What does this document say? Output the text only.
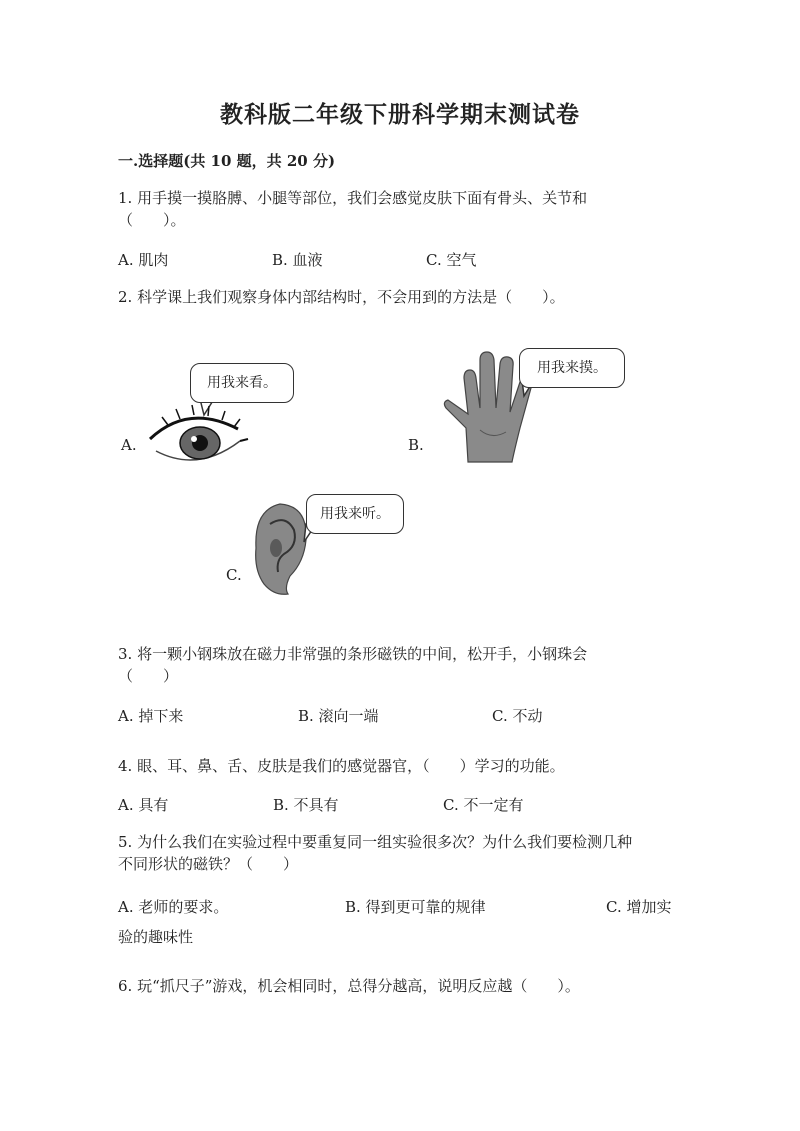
教科版二年级下册科学期末测试卷
一.选择题(共 10 题，共 20 分)
1. 用手摸一摸胳膊、小腿等部位，我们会感觉皮肤下面有骨头、关节和
（　　）。
A. 肌肉	B. 血液	C. 空气
2. 科学课上我们观察身体内部结构时，不会用到的方法是（　　）。
A.
用我来看。
B.
用我来摸。
C.
用我来听。
3. 将一颗小钢珠放在磁力非常强的条形磁铁的中间，松开手，小钢珠会
（　　）
A. 掉下来	B. 滚向一端	C. 不动
4. 眼、耳、鼻、舌、皮肤是我们的感觉器官，（　　）学习的功能。
A. 具有	B. 不具有	C. 不一定有
5. 为什么我们在实验过程中要重复同一组实验很多次？为什么我们要检测几种
不同形状的磁铁？（　　）
A. 老师的要求。	B. 得到更可靠的规律	C. 增加实
验的趣味性
6. 玩“抓尺子”游戏，机会相同时，总得分越高，说明反应越（　　）。
